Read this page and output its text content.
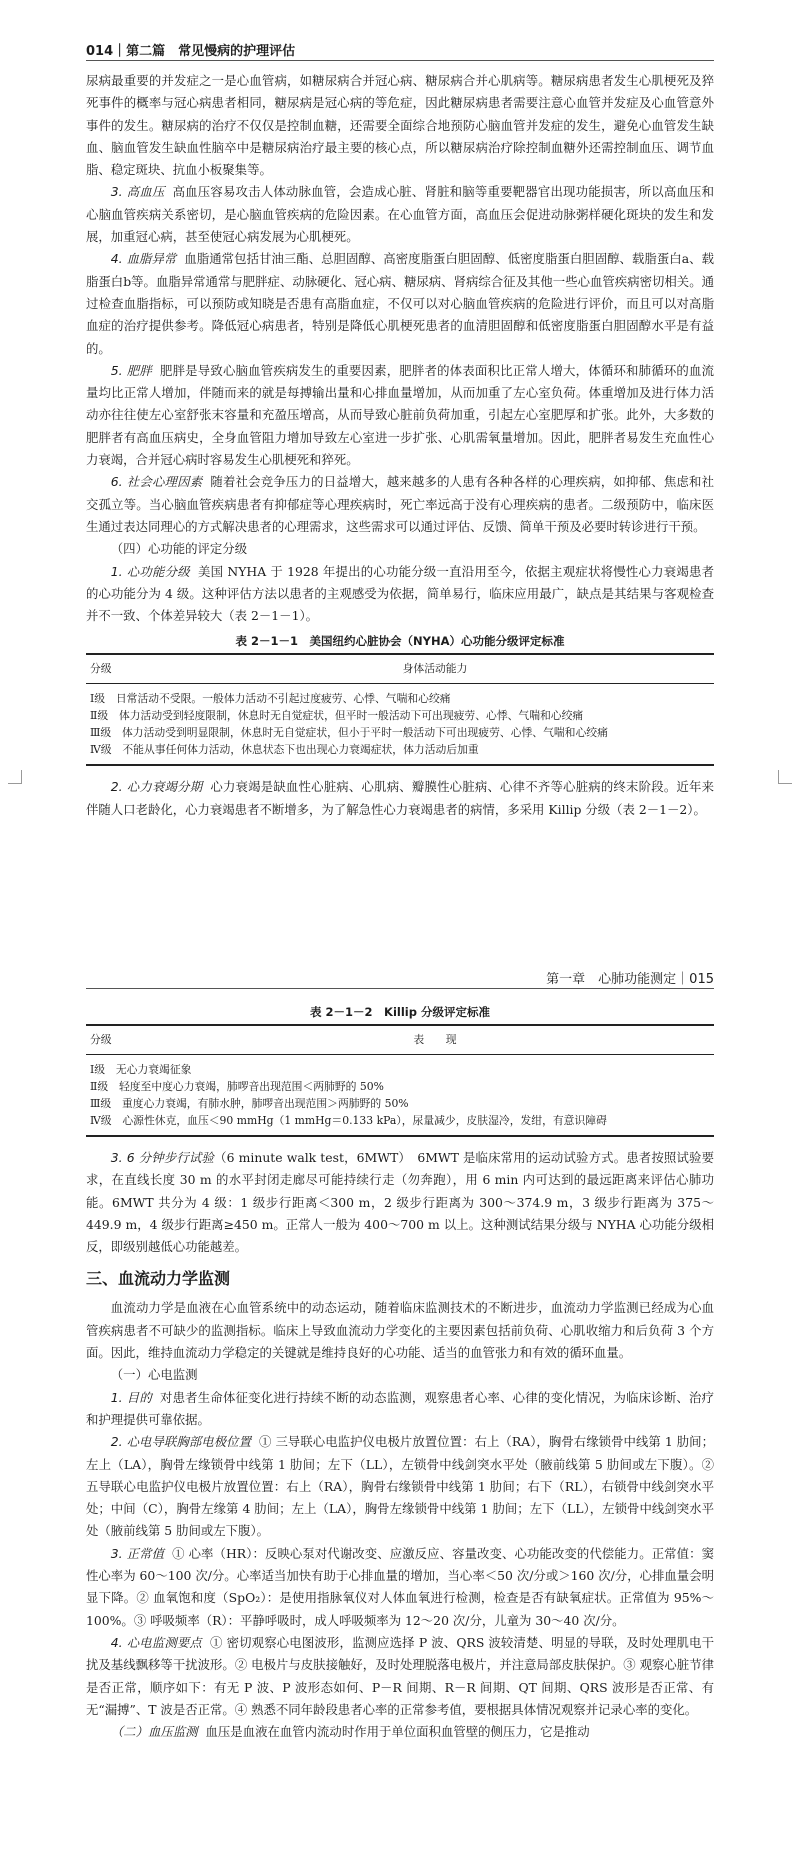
014｜第二篇　常见慢病的护理评估

尿病最重要的并发症之一是心血管病，如糖尿病合并冠心病、糖尿病合并心肌病等。糖尿病患者发生心肌梗死及猝死事件的概率与冠心病患者相同，糖尿病是冠心病的等危症，因此糖尿病患者需要注意心血管并发症及心血管意外事件的发生。糖尿病的治疗不仅仅是控制血糖，还需要全面综合地预防心脑血管并发症的发生，避免心血管发生缺血、脑血管发生缺血性脑卒中是糖尿病治疗最主要的核心点，所以糖尿病治疗除控制血糖外还需控制血压、调节血脂、稳定斑块、抗血小板聚集等。

3. 高血压 高血压容易攻击人体动脉血管，会造成心脏、肾脏和脑等重要靶器官出现功能损害，所以高血压和心脑血管疾病关系密切，是心脑血管疾病的危险因素。在心血管方面，高血压会促进动脉粥样硬化斑块的发生和发展，加重冠心病，甚至使冠心病发展为心肌梗死。

4. 血脂异常 血脂通常包括甘油三酯、总胆固醇、高密度脂蛋白胆固醇、低密度脂蛋白胆固醇、载脂蛋白a、载脂蛋白b等。血脂异常通常与肥胖症、动脉硬化、冠心病、糖尿病、肾病综合征及其他一些心血管疾病密切相关。通过检查血脂指标，可以预防或知晓是否患有高脂血症，不仅可以对心脑血管疾病的危险进行评价，而且可以对高脂血症的治疗提供参考。降低冠心病患者，特别是降低心肌梗死患者的血清胆固醇和低密度脂蛋白胆固醇水平是有益的。

5. 肥胖 肥胖是导致心脑血管疾病发生的重要因素，肥胖者的体表面积比正常人增大，体循环和肺循环的血流量均比正常人增加，伴随而来的就是每搏输出量和心排血量增加，从而加重了左心室负荷。体重增加及进行体力活动亦往往使左心室舒张末容量和充盈压增高，从而导致心脏前负荷加重，引起左心室肥厚和扩张。此外，大多数的肥胖者有高血压病史，全身血管阻力增加导致左心室进一步扩张、心肌需氧量增加。因此，肥胖者易发生充血性心力衰竭，合并冠心病时容易发生心肌梗死和猝死。

6. 社会心理因素 随着社会竞争压力的日益增大，越来越多的人患有各种各样的心理疾病，如抑郁、焦虑和社交孤立等。当心脑血管疾病患者有抑郁症等心理疾病时，死亡率远高于没有心理疾病的患者。二级预防中，临床医生通过表达同理心的方式解决患者的心理需求，这些需求可以通过评估、反馈、简单干预及必要时转诊进行干预。

（四）心功能的评定分级

1. 心功能分级 美国 NYHA 于 1928 年提出的心功能分级一直沿用至今，依据主观症状将慢性心力衰竭患者的心功能分为 4 级。这种评估方法以患者的主观感受为依据，简单易行，临床应用最广，缺点是其结果与客观检查并不一致、个体差异较大（表 2－1－1）。

表 2－1－1　美国纽约心脏协会（NYHA）心功能分级评定标准
分级	身体活动能力
Ⅰ级　 日常活动不受限。一般体力活动不引起过度疲劳、心悸、气喘和心绞痛
Ⅱ级　 体力活动受到轻度限制，休息时无自觉症状，但平时一般活动下可出现疲劳、心悸、气喘和心绞痛
Ⅲ级　 体力活动受到明显限制，休息时无自觉症状，但小于平时一般活动下可出现疲劳、心悸、气喘和心绞痛
Ⅳ级　 不能从事任何体力活动，休息状态下也出现心力衰竭症状，体力活动后加重

2. 心力衰竭分期 心力衰竭是缺血性心脏病、心肌病、瓣膜性心脏病、心律不齐等心脏病的终末阶段。近年来伴随人口老龄化，心力衰竭患者不断增多，为了解急性心力衰竭患者的病情，多采用 Killip 分级（表 2－1－2）。

第一章　心肺功能测定｜015
表 2－1－2　Killip 分级评定标准
分级	表　　现
Ⅰ级　 无心力衰竭征象
Ⅱ级　 轻度至中度心力衰竭，肺啰音出现范围＜两肺野的 50%
Ⅲ级　 重度心力衰竭，有肺水肿，肺啰音出现范围＞两肺野的 50%
Ⅳ级　 心源性休克，血压＜90 mmHg（1 mmHg＝0.133 kPa），尿量减少，皮肤湿冷，发绀，有意识障碍

3. 6 分钟步行试验（6 minute walk test，6MWT）　6MWT 是临床常用的运动试验方式。患者按照试验要求，在直线长度 30 m 的水平封闭走廊尽可能持续行走（勿奔跑），用 6 min 内可达到的最远距离来评估心肺功能。6MWT 共分为 4 级：1 级步行距离＜300 m，2 级步行距离为 300～374.9 m，3 级步行距离为 375～449.9 m，4 级步行距离≥450 m。正常人一般为 400～700 m 以上。这种测试结果分级与 NYHA 心功能分级相反，即级别越低心功能越差。

三、血流动力学监测

血流动力学是血液在心血管系统中的动态运动，随着临床监测技术的不断进步，血流动力学监测已经成为心血管疾病患者不可缺少的监测指标。临床上导致血流动力学变化的主要因素包括前负荷、心肌收缩力和后负荷 3 个方面。因此，维持血流动力学稳定的关键就是维持良好的心功能、适当的血管张力和有效的循环血量。

（一）心电监测

1. 目的 对患者生命体征变化进行持续不断的动态监测，观察患者心率、心律的变化情况，为临床诊断、治疗和护理提供可靠依据。

2. 心电导联胸部电极位置 ① 三导联心电监护仪电极片放置位置：右上（RA），胸骨右缘锁骨中线第 1 肋间；左上（LA），胸骨左缘锁骨中线第 1 肋间；左下（LL），左锁骨中线剑突水平处（腋前线第 5 肋间或左下腹）。② 五导联心电监护仪电极片放置位置：右上（RA），胸骨右缘锁骨中线第 1 肋间；右下（RL），右锁骨中线剑突水平处；中间（C），胸骨左缘第 4 肋间；左上（LA），胸骨左缘锁骨中线第 1 肋间；左下（LL），左锁骨中线剑突水平处（腋前线第 5 肋间或左下腹）。

3. 正常值 ① 心率（HR）：反映心泵对代谢改变、应激反应、容量改变、心功能改变的代偿能力。正常值：窦性心率为 60～100 次/分。心率适当加快有助于心排血量的增加，当心率＜50 次/分或＞160 次/分，心排血量会明显下降。② 血氧饱和度（SpO₂）：是使用指脉氧仪对人体血氧进行检测，检查是否有缺氧症状。正常值为 95%～100%。③ 呼吸频率（R）：平静呼吸时，成人呼吸频率为 12～20 次/分，儿童为 30～40 次/分。

4. 心电监测要点 ① 密切观察心电图波形，监测应选择 P 波、QRS 波较清楚、明显的导联，及时处理肌电干扰及基线飘移等干扰波形。② 电极片与皮肤接触好，及时处理脱落电极片，并注意局部皮肤保护。③ 观察心脏节律是否正常，顺序如下：有无 P 波、P 波形态如何、P－R 间期、R－R 间期、QT 间期、QRS 波形是否正常、有无“漏搏”、T 波是否正常。④ 熟悉不同年龄段患者心率的正常参考值，要根据具体情况观察并记录心率的变化。

（二）血压监测 血压是血液在血管内流动时作用于单位面积血管壁的侧压力，它是推动
